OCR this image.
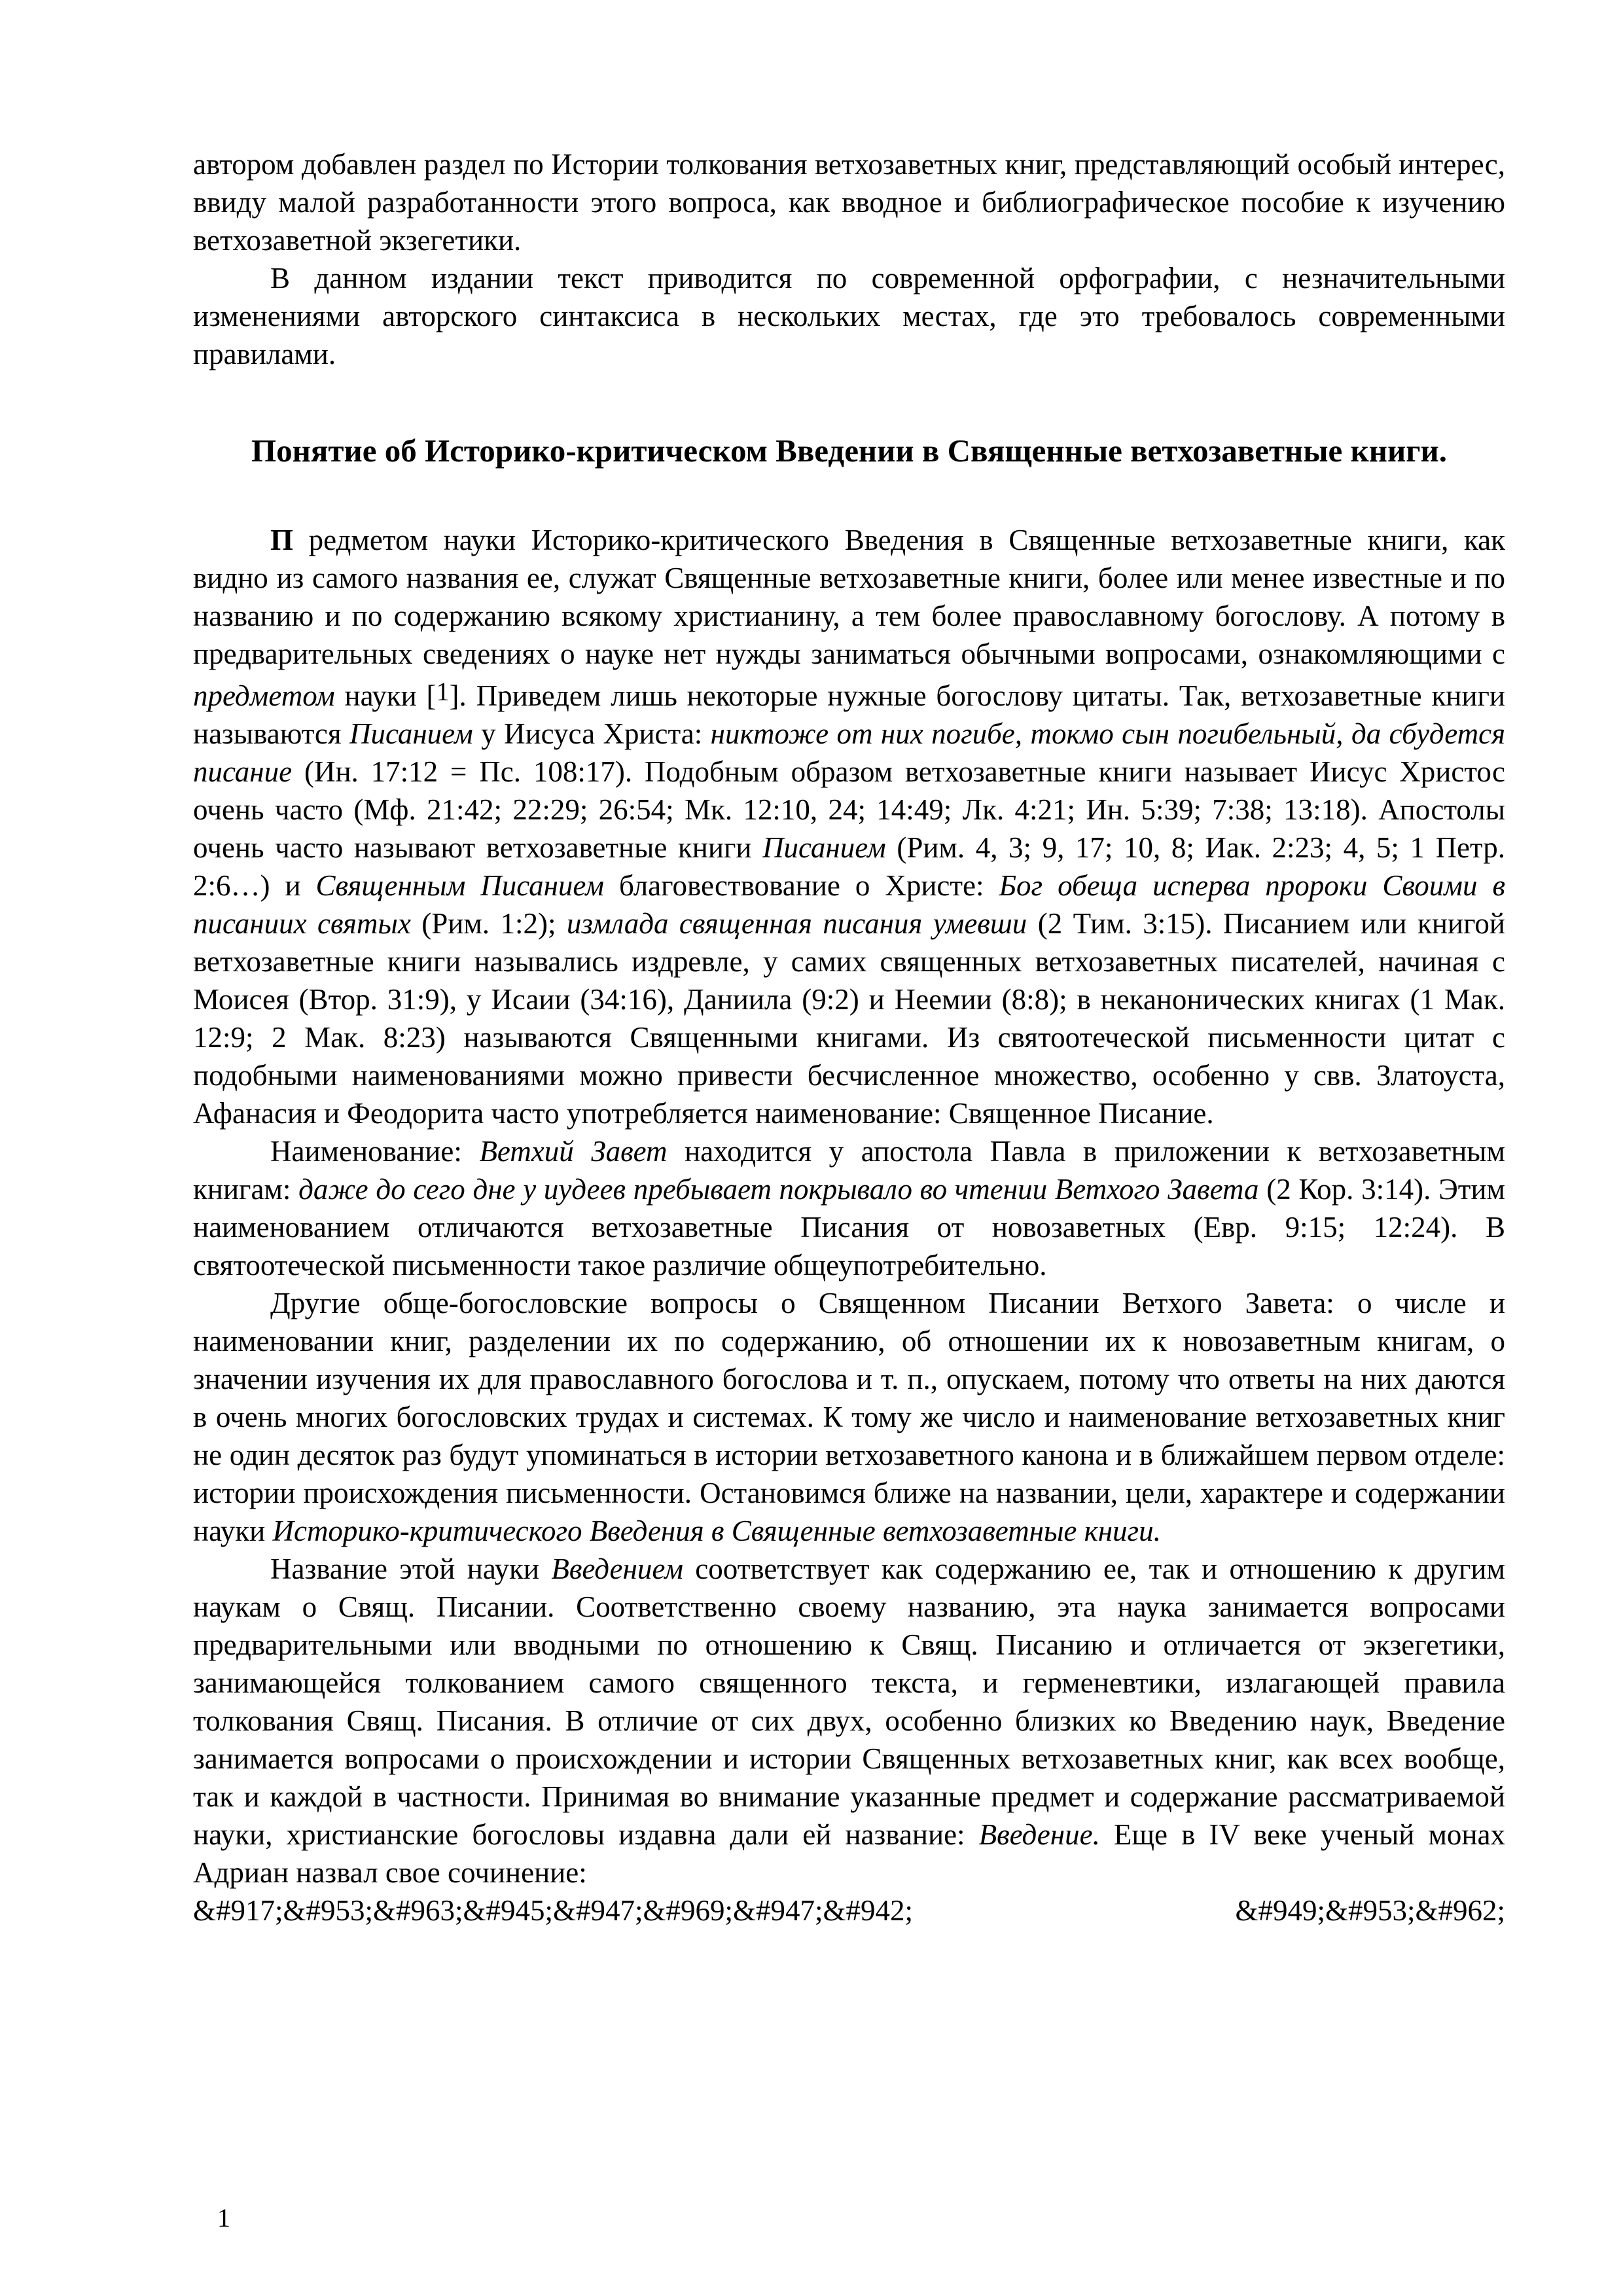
автором добавлен раздел по Истории толкования ветхозаветных книг, представляющий особый интерес, ввиду малой разработанности этого вопроса, как вводное и библиографическое пособие к изучению ветхозаветной экзегетики.

В данном издании текст приводится по современной орфографии, с незначительными изменениями авторского синтаксиса в нескольких местах, где это требовалось современными правилами.

Понятие об Историко-критическом Введении в Священные ветхозаветные книги.

П редметом науки Историко-критического Введения в Священные ветхозаветные книги, как видно из самого названия ее, служат Священные ветхозаветные книги, более или менее известные и по названию и по содержанию всякому христианину, а тем более православному богослову. А потому в предварительных сведениях о науке нет нужды заниматься обычными вопросами, ознакомляющими с предметом науки [$^1$]. Приведем лишь некоторые нужные богослову цитаты. Так, ветхозаветные книги называются Писанием у Иисуса Христа: никтоже от них погибе, токмо сын погибельный, да сбудется писание (Ин. 17:12 = Пс. 108:17). Подобным образом ветхозаветные книги называет Иисус Христос очень часто (Мф. 21:42; 22:29; 26:54; Мк. 12:10, 24; 14:49; Лк. 4:21; Ин. 5:39; 7:38; 13:18). Апостолы очень часто называют ветхозаветные книги Писанием (Рим. 4, 3; 9, 17; 10, 8; Иак. 2:23; 4, 5; 1 Петр. 2:6…) и Священным Писанием благовествование о Христе: Бог обеща исперва пророки Своими в писаниих святых (Рим. 1:2); измлада священная писания умевши (2 Тим. 3:15). Писанием или книгой ветхозаветные книги назывались издревле, у самих священных ветхозаветных писателей, начиная с Моисея (Втор. 31:9), у Исаии (34:16), Даниила (9:2) и Неемии (8:8); в неканонических книгах (1 Мак. 12:9; 2 Мак. 8:23) называются Священными книгами. Из святоотеческой письменности цитат с подобными наименованиями можно привести бесчисленное множество, особенно у свв. Златоуста, Афанасия и Феодорита часто употребляется наименование: Священное Писание.

Наименование: Ветхий Завет находится у апостола Павла в приложении к ветхозаветным книгам: даже до сего дне у иудеев пребывает покрывало во чтении Ветхого Завета (2 Кор. 3:14). Этим наименованием отличаются ветхозаветные Писания от новозаветных (Евр. 9:15; 12:24). В святоотеческой письменности такое различие общеупотребительно.

Другие обще-богословские вопросы о Священном Писании Ветхого Завета: о числе и наименовании книг, разделении их по содержанию, об отношении их к новозаветным книгам, о значении изучения их для православного богослова и т. п., опускаем, потому что ответы на них даются в очень многих богословских трудах и системах. К тому же число и наименование ветхозаветных книг не один десяток раз будут упоминаться в истории ветхозаветного канона и в ближайшем первом отделе: истории происхождения письменности. Остановимся ближе на названии, цели, характере и содержании науки Историко-критического Введения в Священные ветхозаветные книги.

Название этой науки Введением соответствует как содержанию ее, так и отношению к другим наукам о Свящ. Писании. Соответственно своему названию, эта наука занимается вопросами предварительными или вводными по отношению к Свящ. Писанию и отличается от экзегетики, занимающейся толкованием самого священного текста, и герменевтики, излагающей правила толкования Свящ. Писания. В отличие от сих двух, особенно близких ко Введению наук, Введение занимается вопросами о происхождении и истории Священных ветхозаветных книг, как всех вообще, так и каждой в частности. Принимая во внимание указанные предмет и содержание рассматриваемой науки, христианские богословы издавна дали ей название: Введение. Еще в IV веке ученый монах Адриан назвал свое сочинение:

&#917;&#953;&#963;&#945;&#947;&#969;&#947;&#942;	&#949;&#953;&#962;
1
